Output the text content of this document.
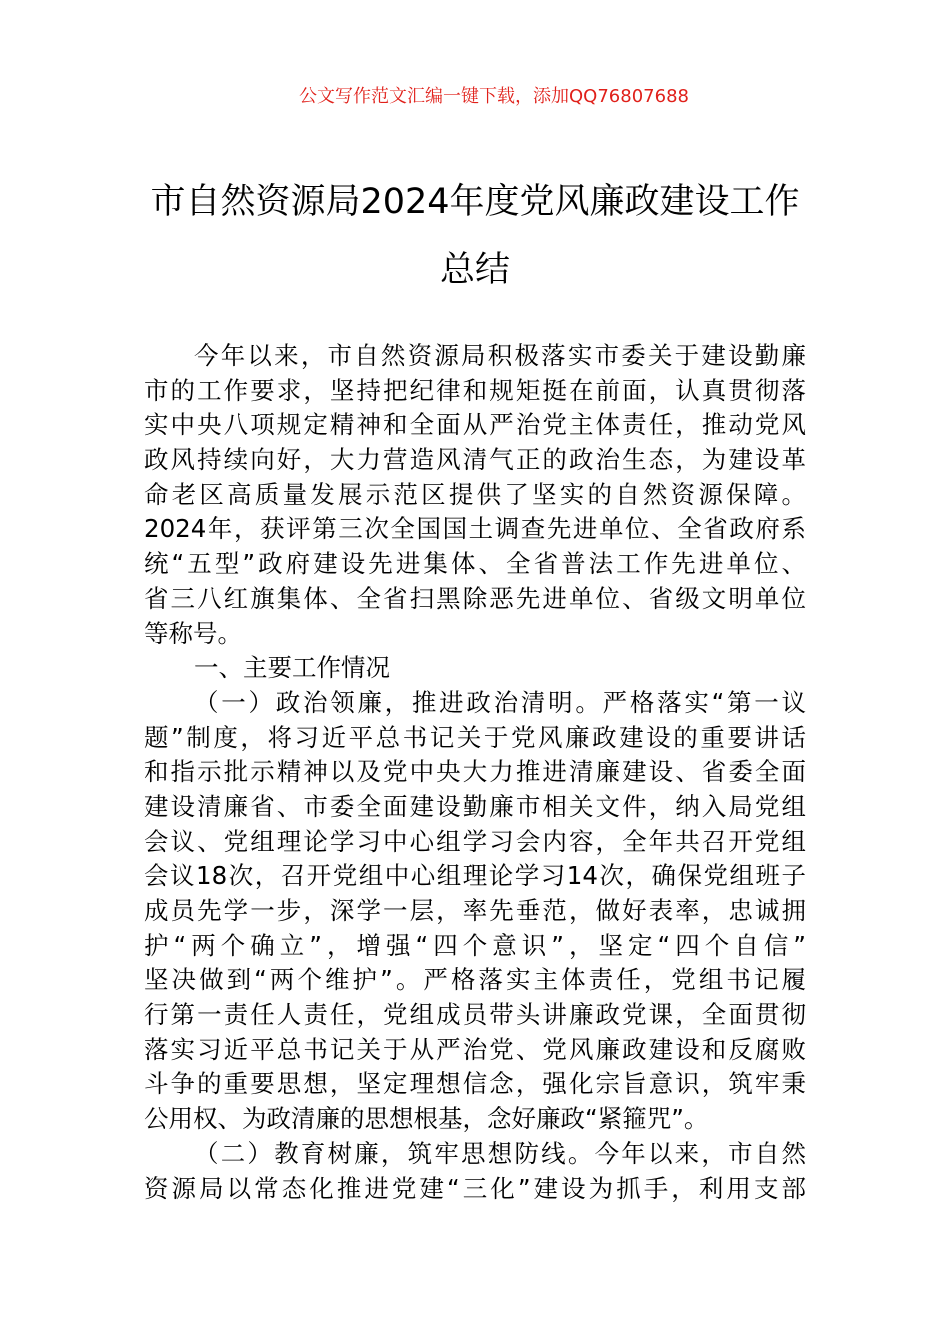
公文写作范文汇编一键下载，添加QQ76807688
市自然资源局2024年度党风廉政建设工作
总结
今年以来，市自然资源局积极落实市委关于建设勤廉
市的工作要求，坚持把纪律和规矩挺在前面，认真贯彻落
实中央八项规定精神和全面从严治党主体责任，推动党风
政风持续向好，大力营造风清气正的政治生态，为建设革
命老区高质量发展示范区提供了坚实的自然资源保障。
2024年，获评第三次全国国土调查先进单位、全省政府系
统“五型”政府建设先进集体、全省普法工作先进单位、
省三八红旗集体、全省扫黑除恶先进单位、省级文明单位
等称号。
一、主要工作情况
（一）政治领廉，推进政治清明。严格落实“第一议
题”制度，将习近平总书记关于党风廉政建设的重要讲话
和指示批示精神以及党中央大力推进清廉建设、省委全面
建设清廉省、市委全面建设勤廉市相关文件，纳入局党组
会议、党组理论学习中心组学习会内容，全年共召开党组
会议18次，召开党组中心组理论学习14次，确保党组班子
成员先学一步，深学一层，率先垂范，做好表率，忠诚拥
护“两个确立”，增强“四个意识”，坚定“四个自信”
坚决做到“两个维护”。严格落实主体责任，党组书记履
行第一责任人责任，党组成员带头讲廉政党课，全面贯彻
落实习近平总书记关于从严治党、党风廉政建设和反腐败
斗争的重要思想，坚定理想信念，强化宗旨意识，筑牢秉
公用权、为政清廉的思想根基，念好廉政“紧箍咒”。
（二）教育树廉，筑牢思想防线。今年以来，市自然
资源局以常态化推进党建“三化”建设为抓手，利用支部
